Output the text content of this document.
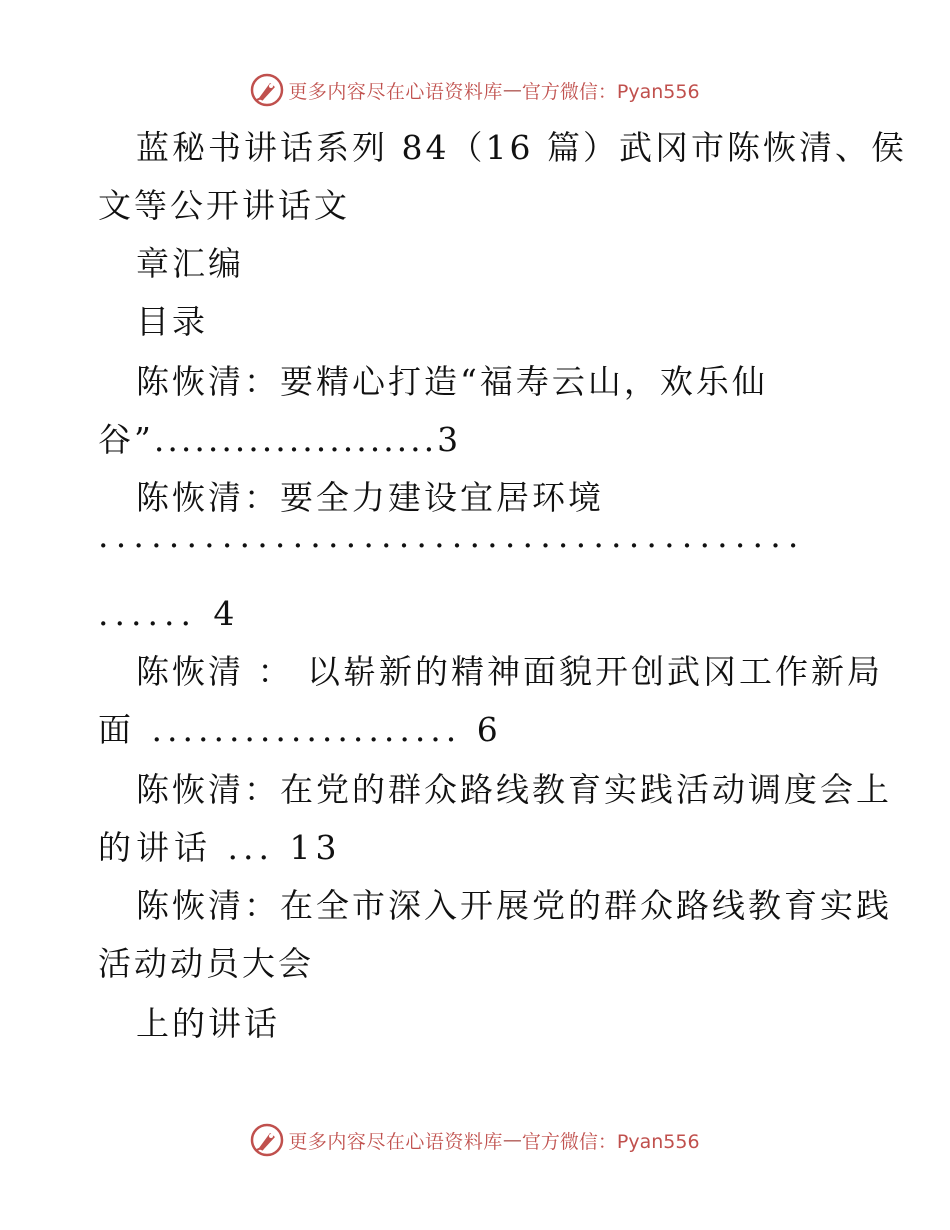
更多内容尽在心语资料库 — 官方微信：Pyan556
蓝秘书讲话系列 84（16 篇）武冈市陈恢清、侯
文等公开讲话文
章汇编
目录
陈恢清：要精心打造“福寿云山，欢乐仙
谷”.....................3
陈恢清：要全力建设宜居环境
........................................
...... 4
陈恢清 ： 以崭新的精神面貌开创武冈工作新局
面 .................... 6
陈恢清：在党的群众路线教育实践活动调度会上
的讲话 ... 13
陈恢清：在全市深入开展党的群众路线教育实践
活动动员大会
上的讲话
更多内容尽在心语资料库 — 官方微信：Pyan556
